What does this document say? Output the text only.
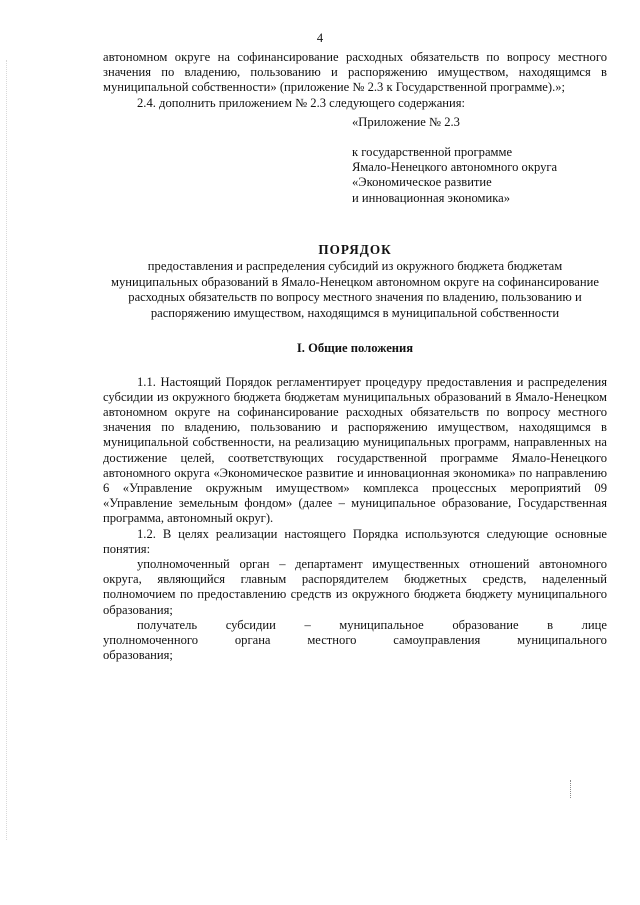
4

автономном округе на софинансирование расходных обязательств по вопросу местного значения по владению, пользованию и распоряжению имуществом, находящимся в муниципальной собственности» (приложение № 2.3 к Государственной программе).»;

2.4. дополнить приложением № 2.3 следующего содержания:

«Приложение № 2.3
к государственной программе
Ямало-Ненецкого автономного округа
«Экономическое развитие
и инновационная экономика»
ПОРЯДОК

предоставления и распределения субсидий из окружного бюджета бюджетам муниципальных образований в Ямало-Ненецком автономном округе на софинансирование расходных обязательств по вопросу местного значения по владению, пользованию и распоряжению имуществом, находящимся в муниципальной собственности

I. Общие положения

1.1. Настоящий Порядок регламентирует процедуру предоставления и распределения субсидии из окружного бюджета бюджетам муниципальных образований в Ямало-Ненецком автономном округе на софинансирование расходных обязательств по вопросу местного значения по владению, пользованию и распоряжению имуществом, находящимся в муниципальной собственности, на реализацию муниципальных программ, направленных на достижение целей, соответствующих государственной программе Ямало-Ненецкого автономного округа «Экономическое развитие и инновационная экономика» по направлению 6 «Управление окружным имуществом» комплекса процессных мероприятий 09 «Управление земельным фондом» (далее – муниципальное образование, Государственная программа, автономный округ).

1.2. В целях реализации настоящего Порядка используются следующие основные понятия:

уполномоченный орган – департамент имущественных отношений автономного округа, являющийся главным распорядителем бюджетных средств, наделенный полномочием по предоставлению средств из окружного бюджета бюджету муниципального образования;

получатель субсидии – муниципальное образование в лице
уполномоченного	органа	местного	самоуправления	муниципального
образования;
